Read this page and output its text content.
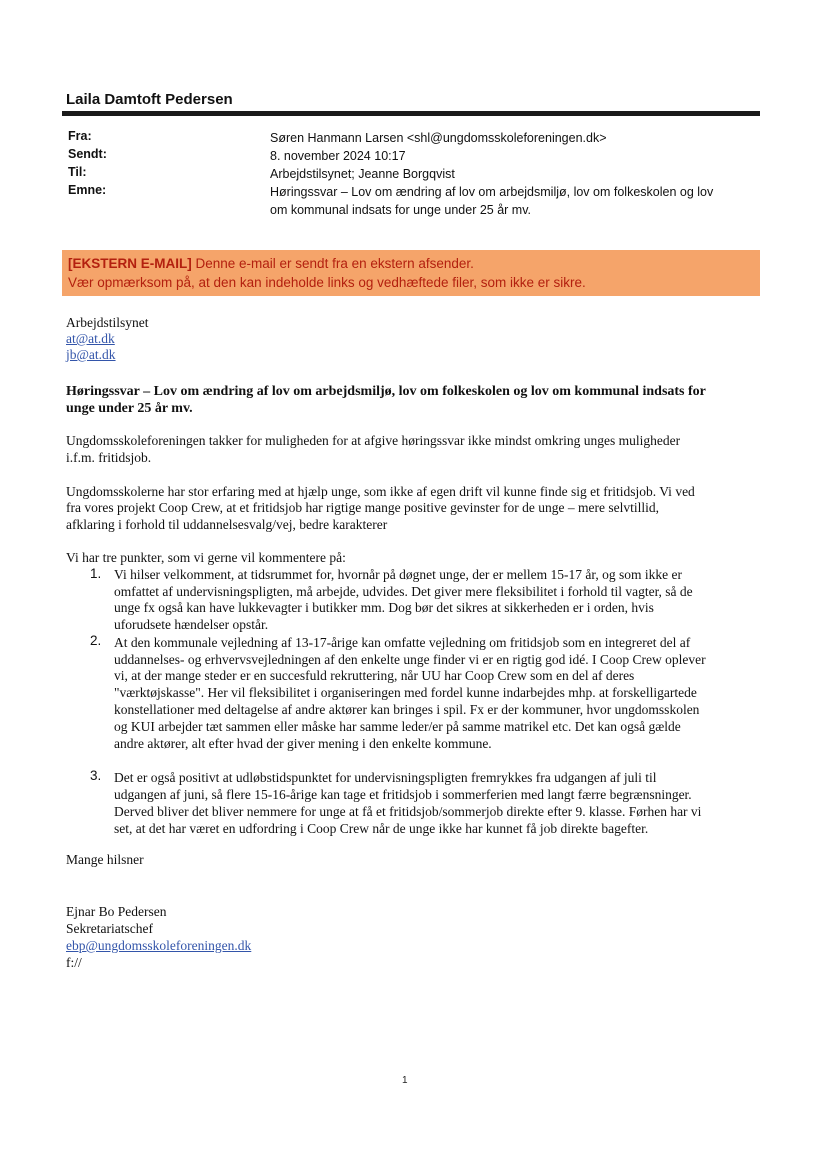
Laila Damtoft Pedersen
Fra:	Søren Hanmann Larsen <shl@ungdomsskoleforeningen.dk>
Sendt:	8. november 2024 10:17
Til:	Arbejdstilsynet; Jeanne Borgqvist
Emne:	Høringssvar – Lov om ændring af lov om arbejdsmiljø, lov om folkeskolen og lov
om kommunal indsats for unge under 25 år mv.
[EKSTERN E-MAIL] Denne e-mail er sendt fra en ekstern afsender.
Vær opmærksom på, at den kan indeholde links og vedhæftede filer, som ikke er sikre.
Arbejdstilsynet
at@at.dk
jb@at.dk
Høringssvar – Lov om ændring af lov om arbejdsmiljø, lov om folkeskolen og lov om kommunal indsats for
unge under 25 år mv.
Ungdomsskoleforeningen takker for muligheden for at afgive høringssvar ikke mindst omkring unges muligheder
i.f.m. fritidsjob.
Ungdomsskolerne har stor erfaring med at hjælp unge, som ikke af egen drift vil kunne finde sig et fritidsjob. Vi ved
fra vores projekt Coop Crew, at et fritidsjob har rigtige mange positive gevinster for de unge – mere selvtillid,
afklaring i forhold til uddannelsesvalg/vej, bedre karakterer
Vi har tre punkter, som vi gerne vil kommentere på:
1. Vi hilser velkomment, at tidsrummet for, hvornår på døgnet unge, der er mellem 15-17 år, og som ikke er
omfattet af undervisningspligten, må arbejde, udvides. Det giver mere fleksibilitet i forhold til vagter, så de
unge fx også kan have lukkevagter i butikker mm. Dog bør det sikres at sikkerheden er i orden, hvis
uforudsete hændelser opstår.
2. At den kommunale vejledning af 13-17-årige kan omfatte vejledning om fritidsjob som en integreret del af
uddannelses- og erhvervsvejledningen af den enkelte unge finder vi er en rigtig god idé. I Coop Crew oplever
vi, at der mange steder er en succesfuld rekruttering, når UU har Coop Crew som en del af deres
"værktøjskasse". Her vil fleksibilitet i organiseringen med fordel kunne indarbejdes mhp. at forskelligartede
konstellationer med deltagelse af andre aktører kan bringes i spil. Fx er der kommuner, hvor ungdomsskolen
og KUI arbejder tæt sammen eller måske har samme leder/er på samme matrikel etc. Det kan også gælde
andre aktører, alt efter hvad der giver mening i den enkelte kommune.
3. Det er også positivt at udløbstidspunktet for undervisningspligten fremrykkes fra udgangen af juli til
udgangen af juni, så flere 15-16-årige kan tage et fritidsjob i sommerferien med langt færre begrænsninger.
Derved bliver det bliver nemmere for unge at få et fritidsjob/sommerjob direkte efter 9. klasse. Førhen har vi
set, at det har været en udfordring i Coop Crew når de unge ikke har kunnet få job direkte bagefter.
Mange hilsner
Ejnar Bo Pedersen
Sekretariatschef
ebp@ungdomsskoleforeningen.dk
f://
1
